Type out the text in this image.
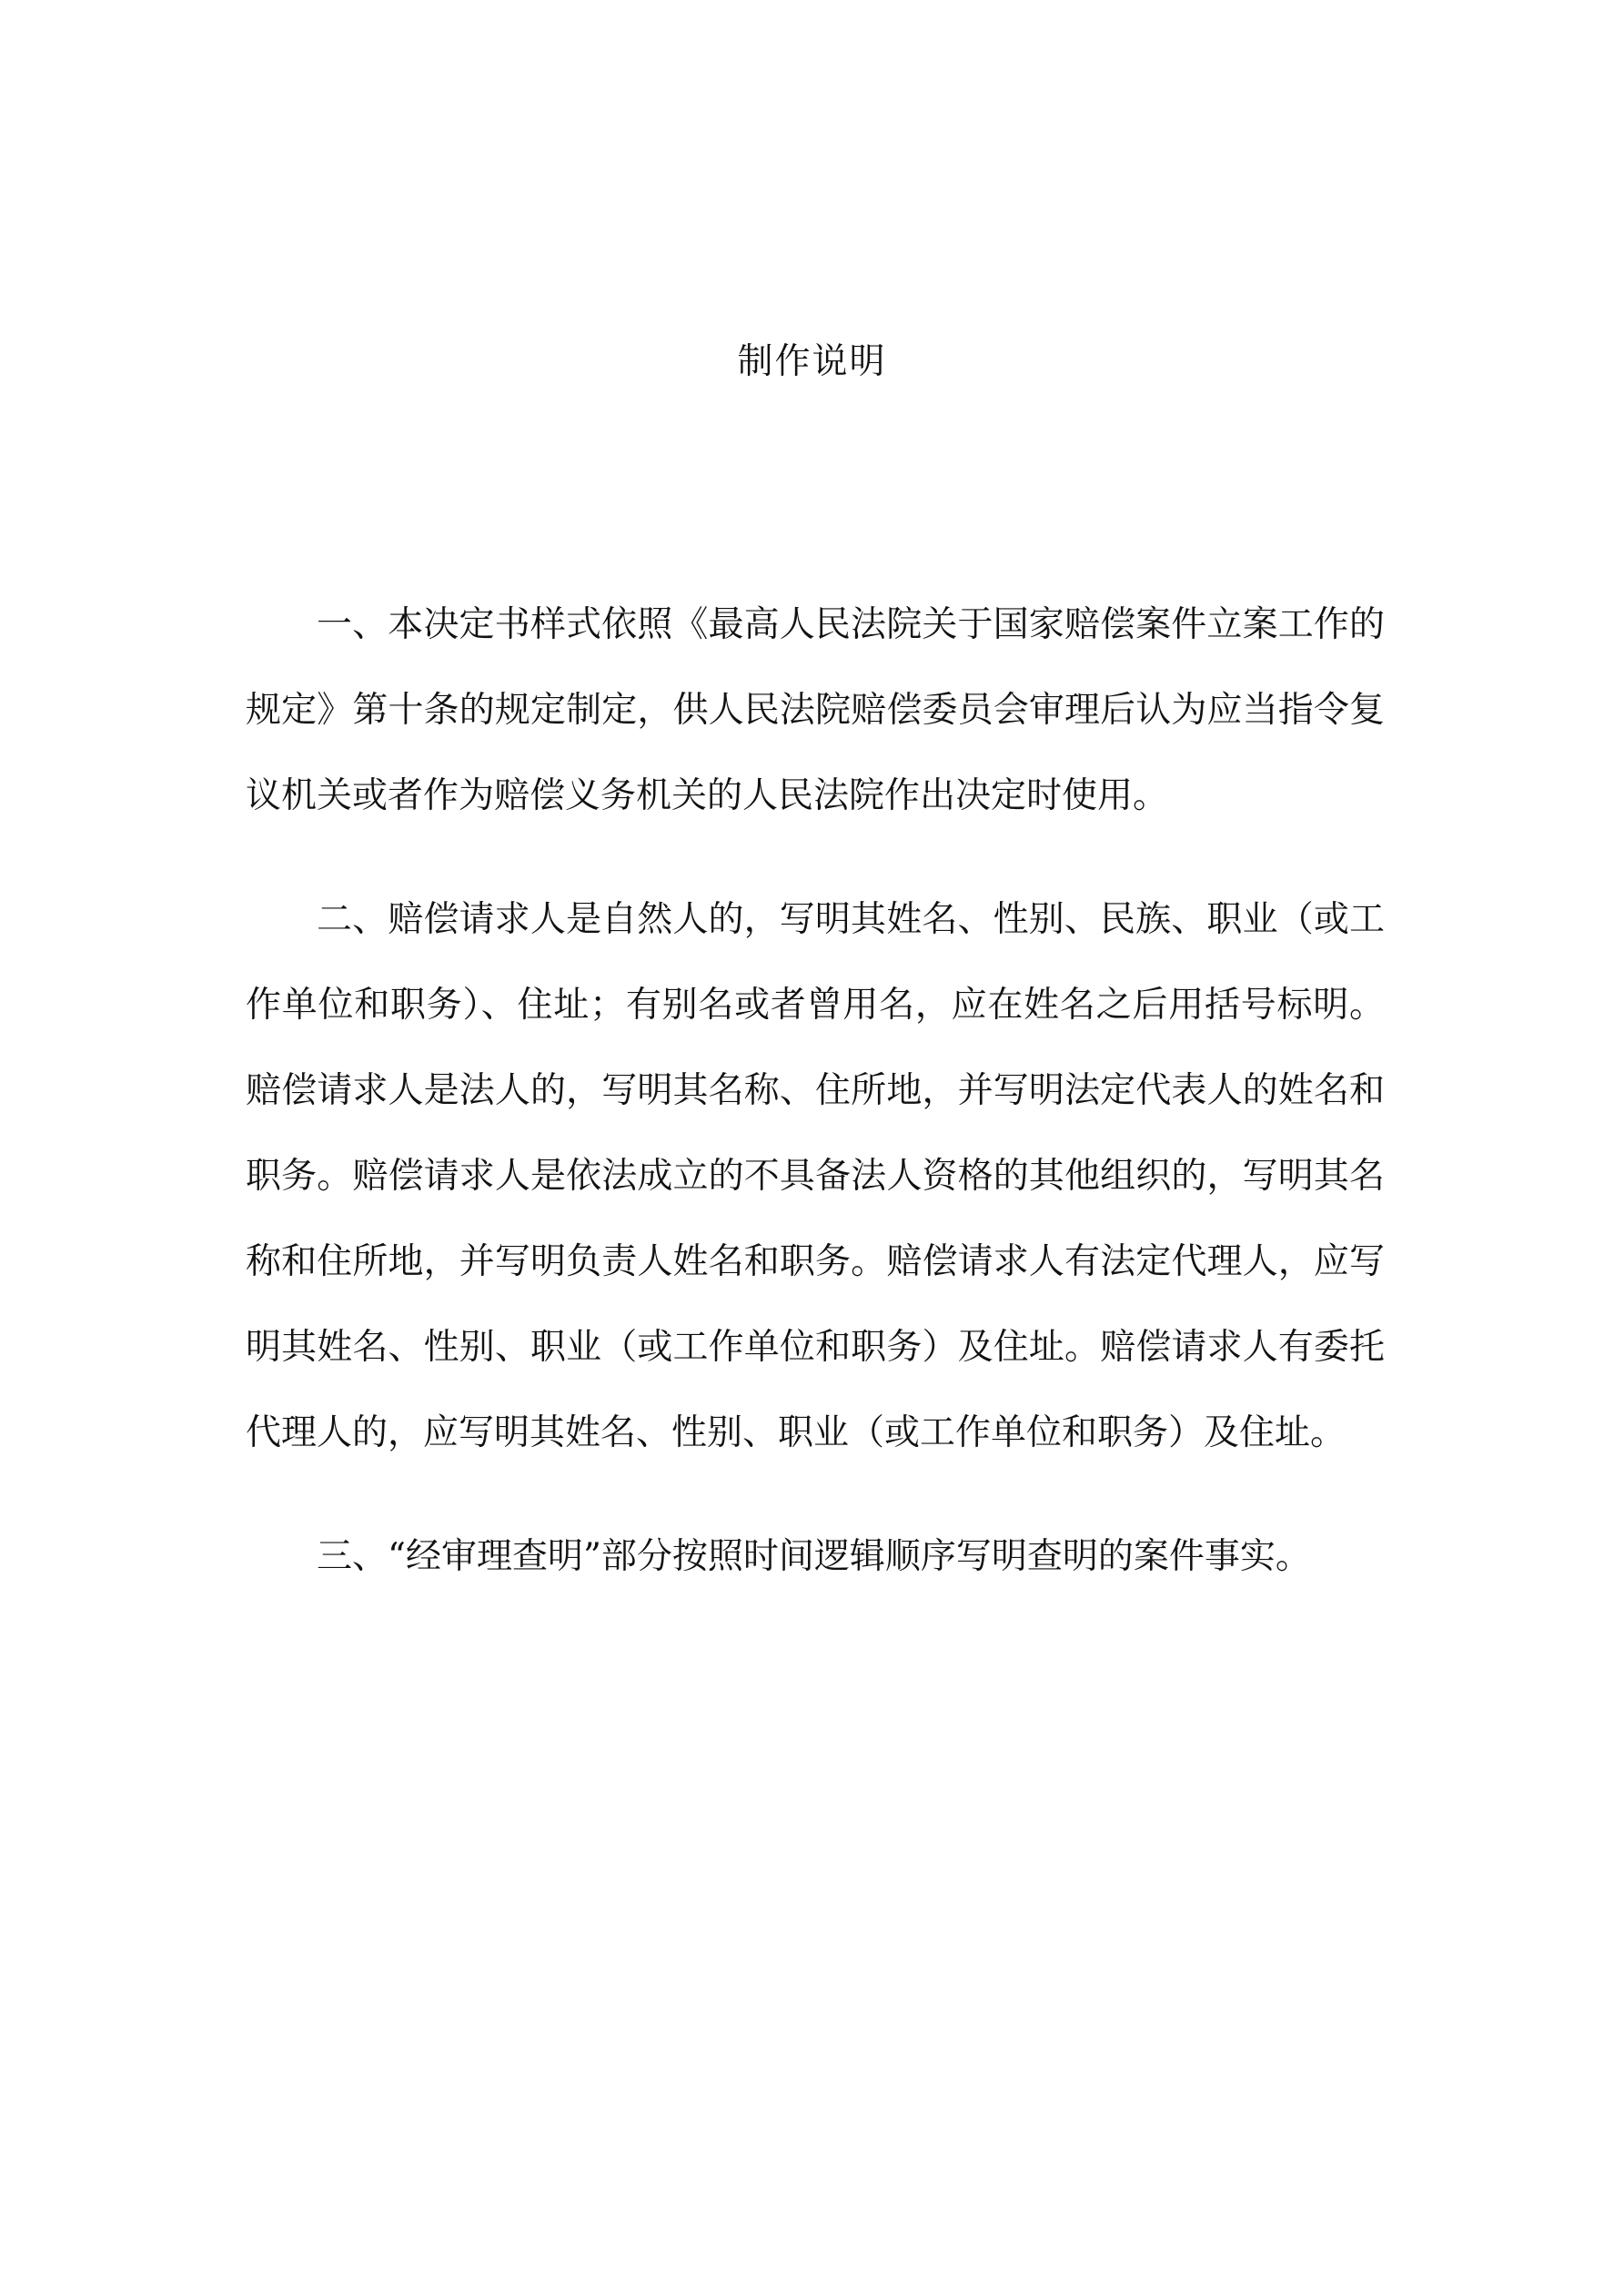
制作说明

一、本决定书样式依照《最高人民法院关于国家赔偿案件立案工作的规定》第十条的规定制定，供人民法院赔偿委员会审理后认为应当指令复议机关或者作为赔偿义务机关的人民法院作出决定时使用。

二、赔偿请求人是自然人的，写明其姓名、性别、民族、职业（或工作单位和职务）、住址；有别名或者曾用名，应在姓名之后用括号标明。赔偿请求人是法人的，写明其名称、住所地，并写明法定代表人的姓名和职务。赔偿请求人是依法成立的不具备法人资格的其他组织的，写明其名称和住所地，并写明负责人姓名和职务。赔偿请求人有法定代理人，应写明其姓名、性别、职业（或工作单位和职务）及住址。赔偿请求人有委托代理人的，应写明其姓名、性别、职业（或工作单位和职务）及住址。

三、“经审理查明”部分按照时间逻辑顺序写明查明的案件事实。
